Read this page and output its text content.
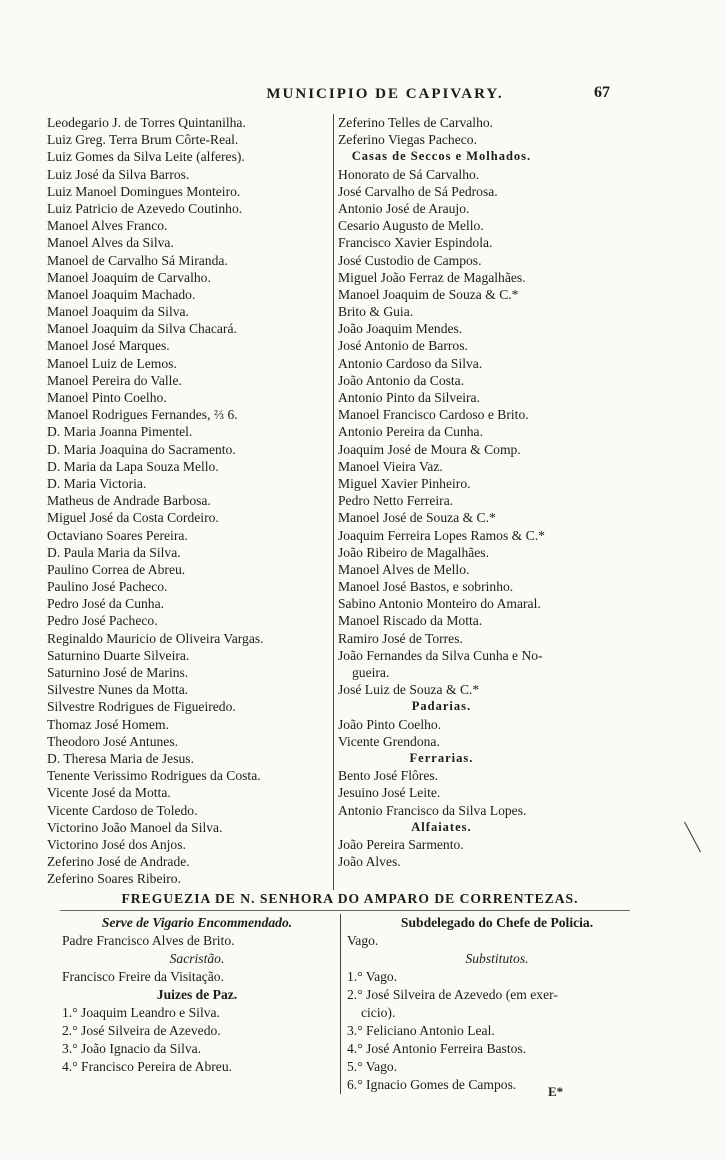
MUNICIPIO DE CAPIVARY.	67
Leodegario J. de Torres Quintanilha.
Luiz Greg. Terra Brum Côrte-Real.
Luiz Gomes da Silva Leite (alferes).
Luiz José da Silva Barros.
Luiz Manoel Domingues Monteiro.
Luiz Patricio de Azevedo Coutinho.
Manoel Alves Franco.
Manoel Alves da Silva.
Manoel de Carvalho Sá Miranda.
Manoel Joaquim de Carvalho.
Manoel Joaquim Machado.
Manoel Joaquim da Silva.
Manoel Joaquim da Silva Chacará.
Manoel José Marques.
Manoel Luiz de Lemos.
Manoel Pereira do Valle.
Manoel Pinto Coelho.
Manoel Rodrigues Fernandes, ⅔ 6.
D. Maria Joanna Pimentel.
D. Maria Joaquina do Sacramento.
D. Maria da Lapa Souza Mello.
D. Maria Victoria.
Matheus de Andrade Barbosa.
Miguel José da Costa Cordeiro.
Octaviano Soares Pereira.
D. Paula Maria da Silva.
Paulino Correa de Abreu.
Paulino José Pacheco.
Pedro José da Cunha.
Pedro José Pacheco.
Reginaldo Mauricio de Oliveira Vargas.
Saturnino Duarte Silveira.
Saturnino José de Marins.
Silvestre Nunes da Motta.
Silvestre Rodrigues de Figueiredo.
Thomaz José Homem.
Theodoro José Antunes.
D. Theresa Maria de Jesus.
Tenente Verissimo Rodrigues da Costa.
Vicente José da Motta.
Vicente Cardoso de Toledo.
Victorino João Manoel da Silva.
Victorino José dos Anjos.
Zeferino José de Andrade.
Zeferino Soares Ribeiro.
Zeferino Telles de Carvalho.
Zeferino Viegas Pacheco.
Casas de Seccos e Molhados.
Honorato de Sá Carvalho.
José Carvalho de Sá Pedrosa.
Antonio José de Araujo.
Cesario Augusto de Mello.
Francisco Xavier Espindola.
José Custodio de Campos.
Miguel João Ferraz de Magalhães.
Manoel Joaquim de Souza & C.*
Brito & Guia.
João Joaquim Mendes.
José Antonio de Barros.
Antonio Cardoso da Silva.
João Antonio da Costa.
Antonio Pinto da Silveira.
Manoel Francisco Cardoso e Brito.
Antonio Pereira da Cunha.
Joaquim José de Moura & Comp.
Manoel Vieira Vaz.
Miguel Xavier Pinheiro.
Pedro Netto Ferreira.
Manoel José de Souza & C.*
Joaquim Ferreira Lopes Ramos & C.*
João Ribeiro de Magalhães.
Manoel Alves de Mello.
Manoel José Bastos, e sobrinho.
Sabino Antonio Monteiro do Amaral.
Manoel Riscado da Motta.
Ramiro José de Torres.
João Fernandes da Silva Cunha e No-
gueira.
José Luiz de Souza & C.*
Padarias.
João Pinto Coelho.
Vicente Grendona.
Ferrarias.
Bento José Flôres.
Jesuino José Leite.
Antonio Francisco da Silva Lopes.
Alfaiates.
João Pereira Sarmento.
João Alves.
FREGUEZIA DE N. SENHORA DO AMPARO DE CORRENTEZAS.
Serve de Vigario Encommendado.
Padre Francisco Alves de Brito.
Sacristão.
Francisco Freire da Visitação.
Juizes de Paz.
1.° Joaquim Leandro e Silva.
2.° José Silveira de Azevedo.
3.° João Ignacio da Silva.
4.° Francisco Pereira de Abreu.
Subdelegado do Chefe de Policia.
Vago.
Substitutos.
1.° Vago.
2.° José Silveira de Azevedo (em exer-
cicio).
3.° Feliciano Antonio Leal.
4.° José Antonio Ferreira Bastos.
5.° Vago.
6.° Ignacio Gomes de Campos.	E*
